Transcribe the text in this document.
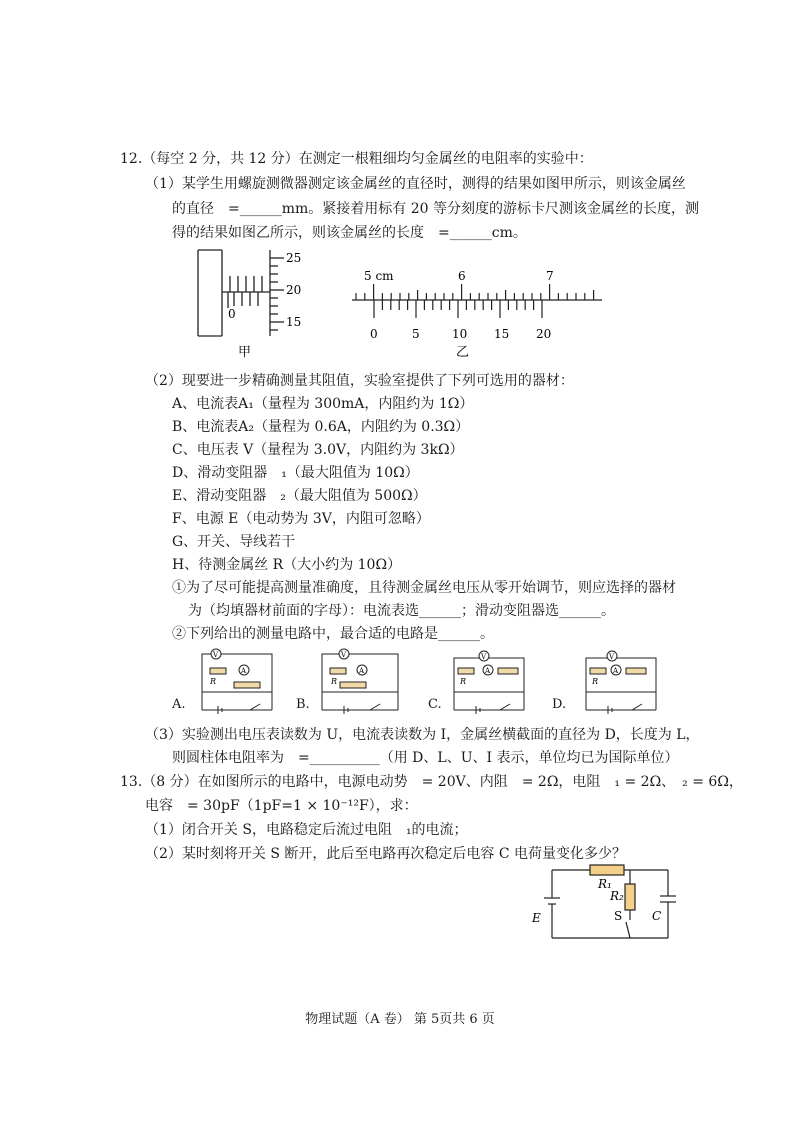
12.（每空 2 分，共 12 分）在测定一根粗细均匀金属丝的电阻率的实验中：
（1）某学生用螺旋测微器测定该金属丝的直径时，测得的结果如图甲所示，则该金属丝
的直径　=______mm。紧接着用标有 20 等分刻度的游标卡尺测该金属丝的长度，测
得的结果如图乙所示，则该金属丝的长度　=______cm。
25
20
15
0
甲
5 cm	6	7
0	5	10 15 20
乙
（2）现要进一步精确测量其阻值，实验室提供了下列可选用的器材：
A、电流表A₁（量程为 300mA，内阻约为 1Ω）
B、电流表A₂（量程为 0.6A，内阻约为 0.3Ω）
C、电压表 V（量程为 3.0V，内阻约为 3kΩ）
D、滑动变阻器　₁（最大阻值为 10Ω）
E、滑动变阻器　₂（最大阻值为 500Ω）
F、电源 E（电动势为 3V，内阻可忽略）
G、开关、导线若干
H、待测金属丝 R（大小约为 10Ω）
①为了尽可能提高测量准确度，且待测金属丝电压从零开始调节，则应选择的器材
为（均填器材前面的字母）：电流表选______；滑动变阻器选______。
②下列给出的测量电路中，最合适的电路是______。
V
A
R
A.
V
A
R
B.
V
A
R
C.
V
A
R
D.
（3）实验测出电压表读数为 U，电流表读数为 I，金属丝横截面的直径为 D，长度为 L，
则圆柱体电阻率为　=__________（用 D、L、U、I 表示，单位均已为国际单位）
13.（8 分）在如图所示的电路中，电源电动势　= 20V、内阻　= 2Ω，电阻　₁ = 2Ω、　₂ = 6Ω，
电容　= 30pF（1pF=1 × 10⁻¹²F），求：
（1）闭合开关 S，电路稳定后流过电阻　₁的电流；
（2）某时刻将开关 S 断开，此后至电路再次稳定后电容 C 电荷量变化多少？
R₁
R₂
S C
E
物理试题（A 卷） 第 5页共 6 页
